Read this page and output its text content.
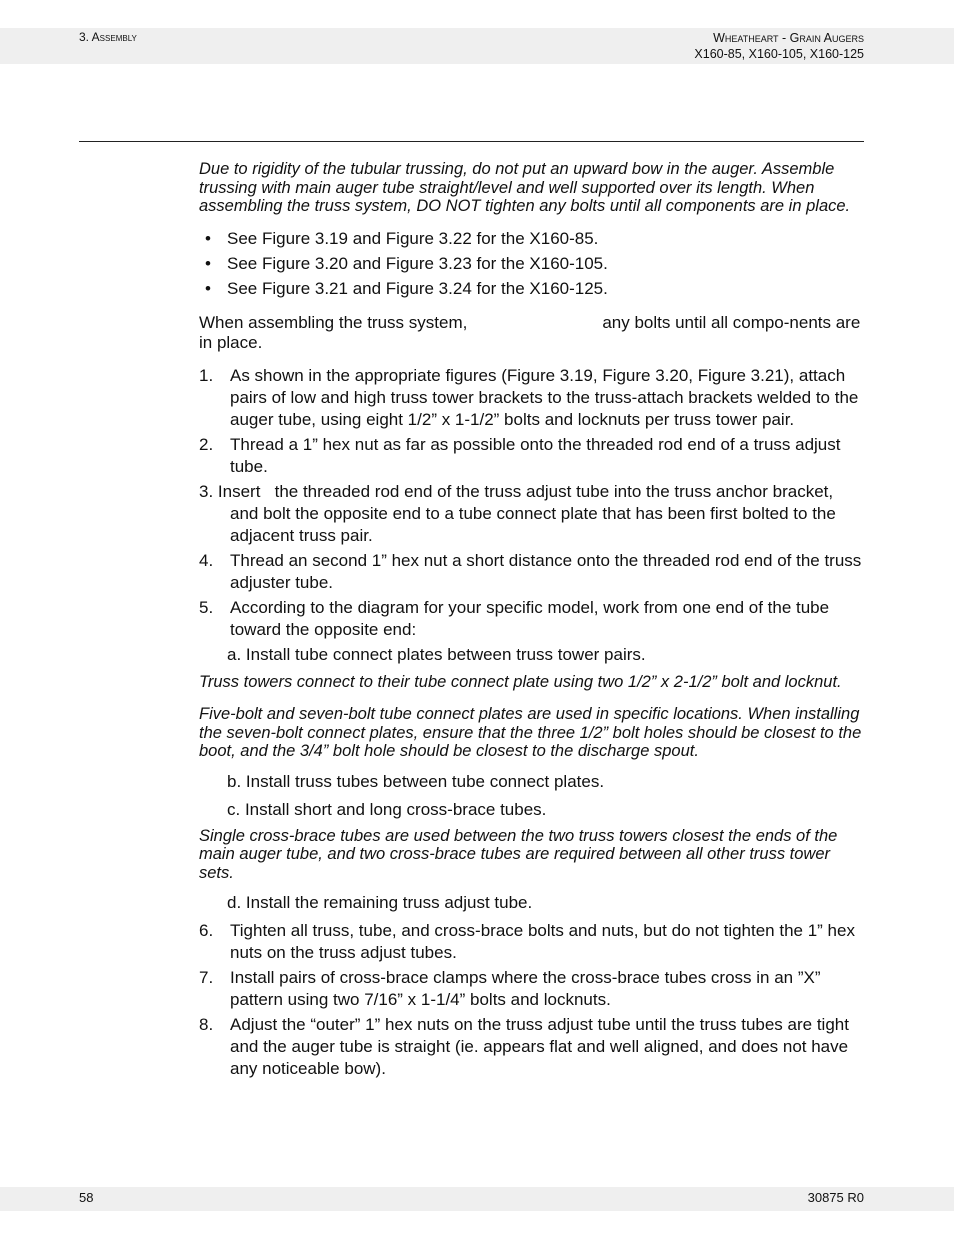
3. Assembly	Wheatheart - Grain Augers
X160-85, X160-105, X160-125

Due to rigidity of the tubular trussing, do not put an upward bow in the auger. Assemble trussing with main auger tube straight/level and well supported over its length. When assembling the truss system, DO NOT tighten any bolts until all components are in place.

• See Figure 3.19 and Figure 3.22 for the X160-85.
• See Figure 3.20 and Figure 3.23 for the X160-105.
• See Figure 3.21 and Figure 3.24 for the X160-125.

When assembling the truss system,	any bolts until all compo-nents are in place.

1. As shown in the appropriate figures (Figure 3.19, Figure 3.20, Figure 3.21), attach pairs of low and high truss tower brackets to the truss-attach brackets welded to the auger tube, using eight 1/2” x 1-1/2” bolts and locknuts per truss tower pair.
2. Thread a 1” hex nut as far as possible onto the threaded rod end of a truss adjust tube.
3. Insert the threaded rod end of the truss adjust tube into the truss anchor bracket, and bolt the opposite end to a tube connect plate that has been first bolted to the adjacent truss pair.
4. Thread an second 1” hex nut a short distance onto the threaded rod end of the truss adjuster tube.
5. According to the diagram for your specific model, work from one end of the tube toward the opposite end:
a. Install tube connect plates between truss tower pairs.

Truss towers connect to their tube connect plate using two 1/2” x 2-1/2” bolt and locknut.

Five-bolt and seven-bolt tube connect plates are used in specific locations. When installing the seven-bolt connect plates, ensure that the three 1/2” bolt holes should be closest to the boot, and the 3/4” bolt hole should be closest to the discharge spout.

b. Install truss tubes between tube connect plates.
c. Install short and long cross-brace tubes.

Single cross-brace tubes are used between the two truss towers closest the ends of the main auger tube, and two cross-brace tubes are required between all other truss tower sets.

d. Install the remaining truss adjust tube.
6. Tighten all truss, tube, and cross-brace bolts and nuts, but do not tighten the 1” hex nuts on the truss adjust tubes.
7. Install pairs of cross-brace clamps where the cross-brace tubes cross in an ”X” pattern using two 7/16” x 1-1/4” bolts and locknuts.
8. Adjust the “outer” 1” hex nuts on the truss adjust tube until the truss tubes are tight and the auger tube is straight (ie. appears flat and well aligned, and does not have any noticeable bow).
58	30875 R0
